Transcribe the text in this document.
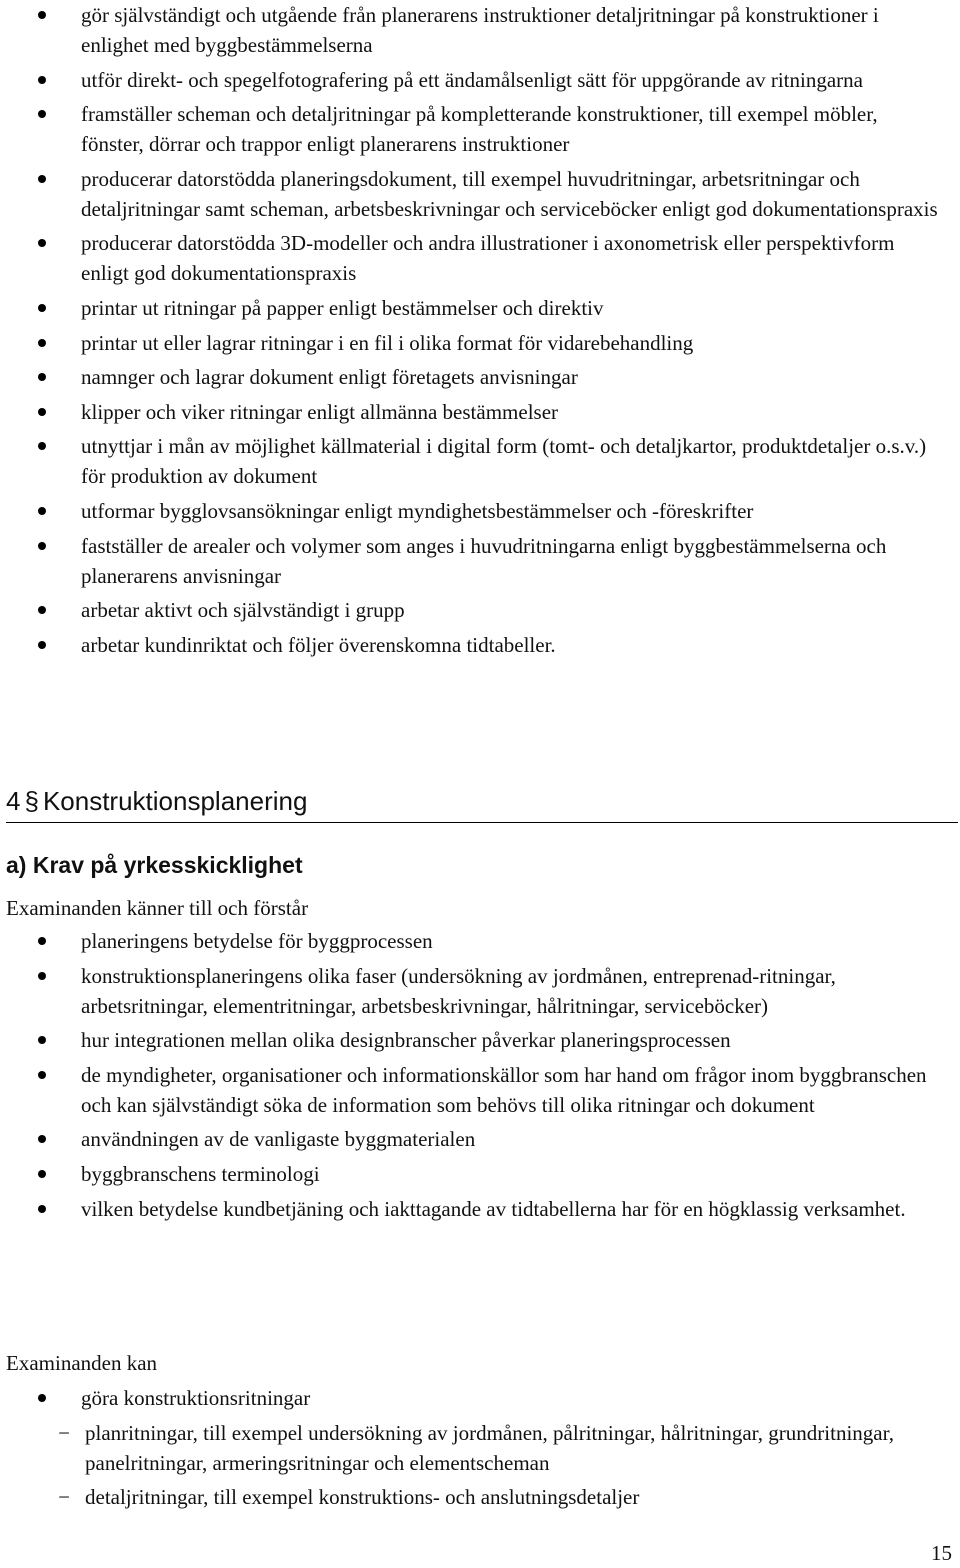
gör självständigt och utgående från planerarens instruktioner detaljritningar på konstruktioner i enlighet med byggbestämmelserna
utför direkt- och spegelfotografering på ett ändamålsenligt sätt för uppgörande av ritningarna
framställer scheman och detaljritningar på kompletterande konstruktioner, till exempel möbler, fönster, dörrar och trappor enligt planerarens instruktioner
producerar datorstödda planeringsdokument, till exempel huvudritningar, arbetsritningar och detaljritningar samt scheman, arbetsbeskrivningar och serviceböcker enligt god dokumentationspraxis
producerar datorstödda 3D-modeller och andra illustrationer i axonometrisk eller perspektivform enligt god dokumentationspraxis
printar ut ritningar på papper enligt bestämmelser och direktiv
printar ut eller lagrar ritningar i en fil i olika format för vidarebehandling
namnger och lagrar dokument enligt företagets anvisningar
klipper och viker ritningar enligt allmänna bestämmelser
utnyttjar i mån av möjlighet källmaterial i digital form (tomt- och detaljkartor, produktdetaljer o.s.v.) för produktion av dokument
utformar bygglovsansökningar enligt myndighetsbestämmelser och -föreskrifter
fastställer de arealer och volymer som anges i huvudritningarna enligt byggbestämmelserna och planerarens anvisningar
arbetar aktivt och självständigt i grupp
arbetar kundinriktat och följer överenskomna tidtabeller.
4 § Konstruktionsplanering
a) Krav på yrkesskicklighet
Examinanden känner till och förstår
planeringens betydelse för byggprocessen
konstruktionsplaneringens olika faser (undersökning av jordmånen, entreprenad-ritningar, arbetsritningar, elementritningar, arbetsbeskrivningar, hålritningar, serviceböcker)
hur integrationen mellan olika designbranscher påverkar planeringsprocessen
de myndigheter, organisationer och informationskällor som har hand om frågor inom byggbranschen och kan självständigt söka de information som behövs till olika ritningar och dokument
användningen av de vanligaste byggmaterialen
byggbranschens terminologi
vilken betydelse kundbetjäning och iakttagande av tidtabellerna har för en högklassig verksamhet.
Examinanden kan
göra konstruktionsritningar
− planritningar, till exempel undersökning av jordmånen, pålritningar, hålritningar, grundritningar, panelritningar, armeringsritningar och elementscheman
− detaljritningar, till exempel konstruktions- och anslutningsdetaljer
15
